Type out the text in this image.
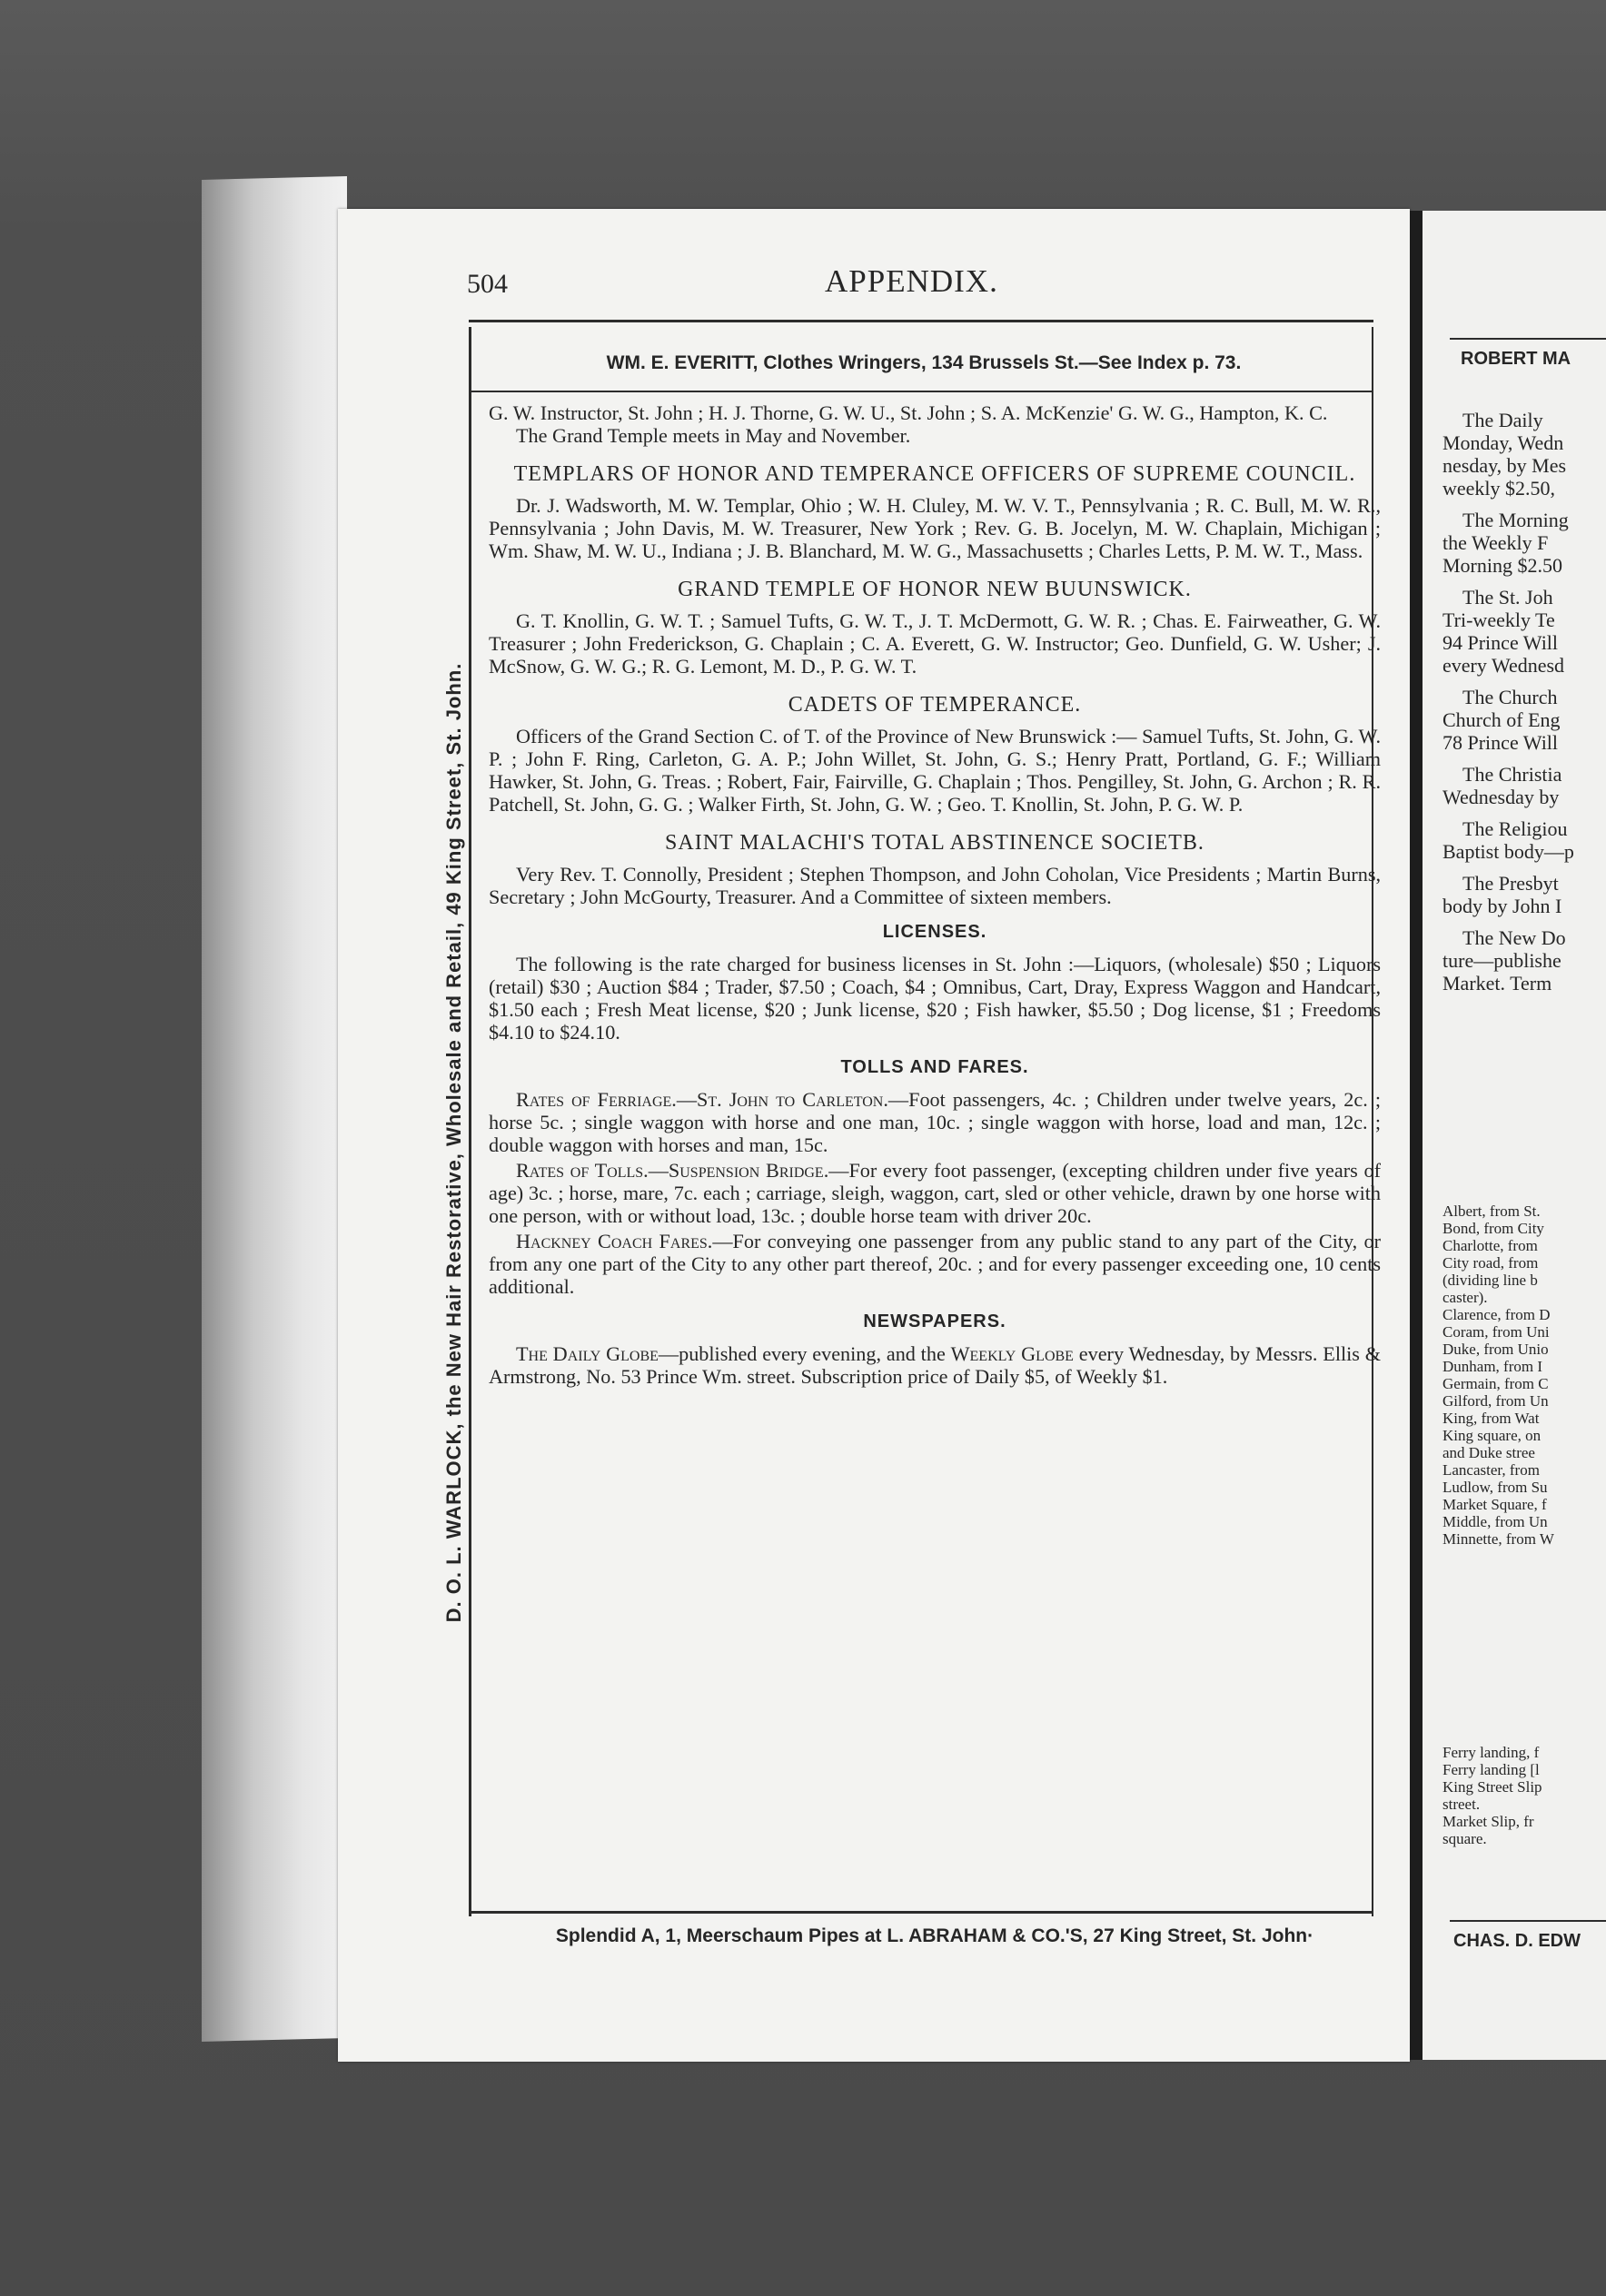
ROBERT MA

The Daily
Monday, Wedn
nesday, by Mes
weekly $2.50,

The Morning
the Weekly F
Morning $2.50

The St. Joh
Tri-weekly Te
94 Prince Will
every Wednesd

The Church
Church of Eng
78 Prince Will

The Christia
Wednesday by

The Religiou
Baptist body—p

The Presbyt
body by John I

The New Do
ture—publishe
Market. Term

Albert, from St.
Bond, from City
Charlotte, from
City road, from
(dividing line b
caster).
Clarence, from D
Coram, from Uni
Duke, from Unio
Dunham, from I
Germain, from C
Gilford, from Un
King, from Wat
King square, on
and Duke stree
Lancaster, from
Ludlow, from Su
Market Square, f
Middle, from Un
Minnette, from W
Ferry landing, f
Ferry landing [l
King Street Slip
street.
Market Slip, fr
square.
CHAS. D. EDW
504	APPENDIX.
WM. E. EVERITT, Clothes Wringers, 134 Brussels St.—See Index p. 73.
D. O. L. WARLOCK, the New Hair Restorative, Wholesale and Retail, 49 King Street, St. John.

G. W. Instructor, St. John ; H. J. Thorne, G. W. U., St. John ; S. A. McKenzie' G. W. G., Hampton, K. C.

The Grand Temple meets in May and November.

TEMPLARS OF HONOR AND TEMPERANCE OFFICERS OF SUPREME COUNCIL.

Dr. J. Wadsworth, M. W. Templar, Ohio ; W. H. Cluley, M. W. V. T., Pennsylvania ; R. C. Bull, M. W. R., Pennsylvania ; John Davis, M. W. Treasurer, New York ; Rev. G. B. Jocelyn, M. W. Chaplain, Michigan ; Wm. Shaw, M. W. U., Indiana ; J. B. Blanchard, M. W. G., Massachusetts ; Charles Letts, P. M. W. T., Mass.

GRAND TEMPLE OF HONOR NEW BUUNSWICK.

G. T. Knollin, G. W. T. ; Samuel Tufts, G. W. T., J. T. McDermott, G. W. R. ; Chas. E. Fairweather, G. W. Treasurer ; John Frederickson, G. Chaplain ; C. A. Everett, G. W. Instructor; Geo. Dunfield, G. W. Usher; J. McSnow, G. W. G.; R. G. Lemont, M. D., P. G. W. T.

CADETS OF TEMPERANCE.

Officers of the Grand Section C. of T. of the Province of New Brunswick :— Samuel Tufts, St. John, G. W. P. ; John F. Ring, Carleton, G. A. P.; John Willet, St. John, G. S.; Henry Pratt, Portland, G. F.; William Hawker, St. John, G. Treas. ; Robert, Fair, Fairville, G. Chaplain ; Thos. Pengilley, St. John, G. Archon ; R. R. Patchell, St. John, G. G. ; Walker Firth, St. John, G. W. ; Geo. T. Knollin, St. John, P. G. W. P.

SAINT MALACHI'S TOTAL ABSTINENCE SOCIETB.

Very Rev. T. Connolly, President ; Stephen Thompson, and John Coholan, Vice Presidents ; Martin Burns, Secretary ; John McGourty, Treasurer. And a Committee of sixteen members.

LICENSES.

The following is the rate charged for business licenses in St. John :—Liquors, (wholesale) $50 ; Liquors (retail) $30 ; Auction $84 ; Trader, $7.50 ; Coach, $4 ; Omnibus, Cart, Dray, Express Waggon and Handcart, $1.50 each ; Fresh Meat license, $20 ; Junk license, $20 ; Fish hawker, $5.50 ; Dog license, $1 ; Freedoms $4.10 to $24.10.

TOLLS AND FARES.

Rates of Ferriage.—St. John to Carleton.—Foot passengers, 4c. ; Children under twelve years, 2c. ; horse 5c. ; single waggon with horse and one man, 10c. ; single waggon with horse, load and man, 12c. ; double waggon with horses and man, 15c.

Rates of Tolls.—Suspension Bridge.—For every foot passenger, (excepting children under five years of age) 3c. ; horse, mare, 7c. each ; carriage, sleigh, waggon, cart, sled or other vehicle, drawn by one horse with one person, with or without load, 13c. ; double horse team with driver 20c.

Hackney Coach Fares.—For conveying one passenger from any public stand to any part of the City, or from any one part of the City to any other part thereof, 20c. ; and for every passenger exceeding one, 10 cents additional.

NEWSPAPERS.

The Daily Globe—published every evening, and the Weekly Globe every Wednesday, by Messrs. Ellis & Armstrong, No. 53 Prince Wm. street. Subscription price of Daily $5, of Weekly $1.

Splendid A, 1, Meerschaum Pipes at L. ABRAHAM & CO.'S, 27 King Street, St. John·
